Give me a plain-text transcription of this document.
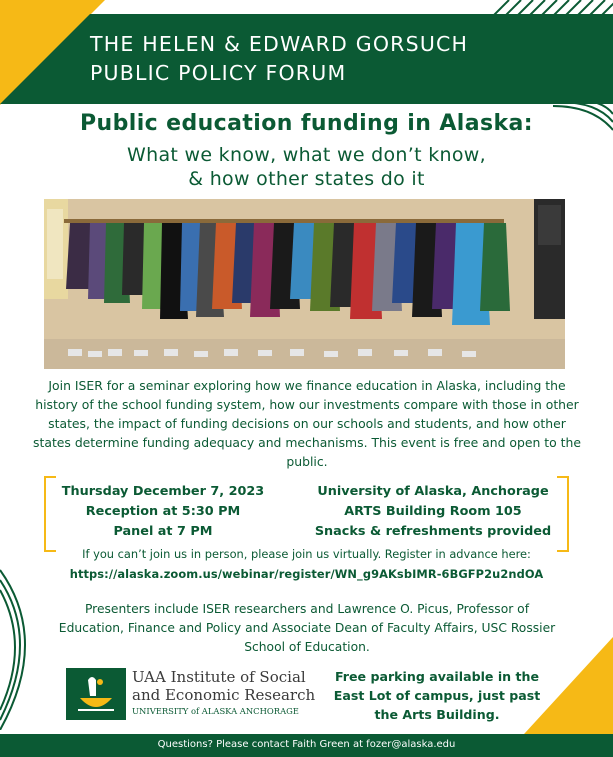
THE HELEN & EDWARD GORSUCH
PUBLIC POLICY FORUM
Public education funding in Alaska:

What we know, what we don’t know,
& how other states do it

Join ISER for a seminar exploring how we finance education in Alaska, including the history of the school funding system, how our investments compare with those in other states, the impact of funding decisions on our schools and students, and how other states determine funding adequacy and mechanisms. This event is free and open to the public.

Thursday December 7, 2023
Reception at 5:30 PM
Panel at 7 PM
University of Alaska, Anchorage
ARTS Building Room 105
Snacks & refreshments provided

If you can’t join us in person, please join us virtually. Register in advance here:

https://alaska.zoom.us/webinar/register/WN_g9AKsbIMR-6BGFP2u2ndOA

Presenters include ISER researchers and Lawrence O. Picus, Professor of Education, Finance and Policy and Associate Dean of Faculty Affairs, USC Rossier School of Education.

UAA Institute of Social
and Economic Research
UNIVERSITY of ALASKA ANCHORAGE

Free parking available in the East Lot of campus, just past the Arts Building.

Questions? Please contact Faith Green at fozer@alaska.edu
